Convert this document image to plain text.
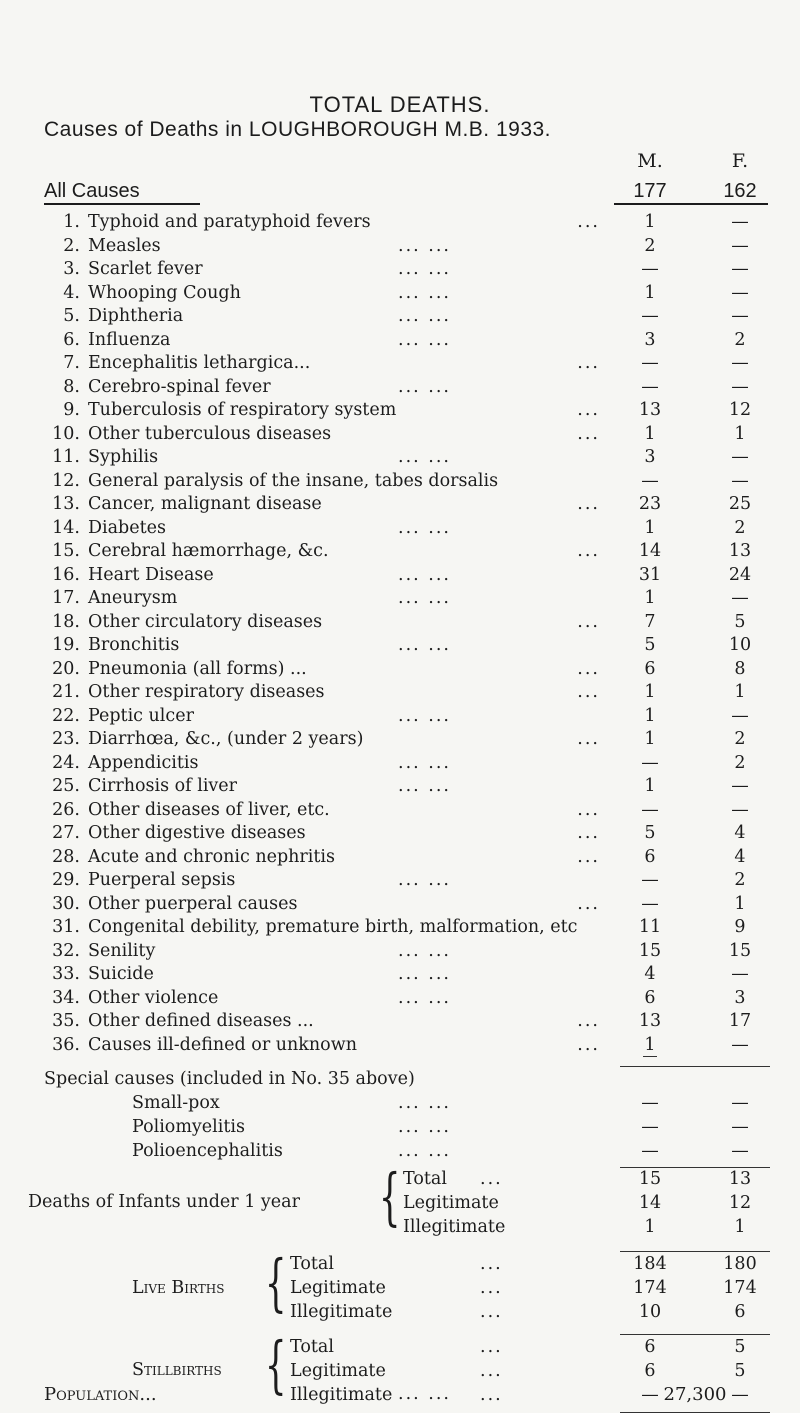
TOTAL DEATHS.
Causes of Deaths in LOUGHBOROUGH M.B. 1933.
M.	F.
All Causes	177	162
1. Typhoid and paratyphoid fevers	...	1	—
2. Measles	... ...	2	—
3. Scarlet fever	... ...	—	—
4. Whooping Cough	... ...	1	—
5. Diphtheria	... ...	—	—
6. Influenza	... ...	3	2
7. Encephalitis lethargica...	...	—	—
8. Cerebro-spinal fever	... ...	—	—
9. Tuberculosis of respiratory system	...	13	12
10. Other tuberculous diseases	...	1	1
11. Syphilis	... ...	3	—
12. General paralysis of the insane, tabes dorsalis	—	—
13. Cancer, malignant disease	...	23	25
14. Diabetes	... ...	1	2
15. Cerebral hæmorrhage, &c.	...	14	13
16. Heart Disease	... ...	31	24
17. Aneurysm	... ...	1	—
18. Other circulatory diseases	...	7	5
19. Bronchitis	... ...	5	10
20. Pneumonia (all forms) ...	...	6	8
21. Other respiratory diseases	...	1	1
22. Peptic ulcer	... ...	1	—
23. Diarrhœa, &c., (under 2 years)	...	1	2
24. Appendicitis	... ...	—	2
25. Cirrhosis of liver	... ...	1	—
26. Other diseases of liver, etc.	...	—	—
27. Other digestive diseases	...	5	4
28. Acute and chronic nephritis	...	6	4
29. Puerperal sepsis	... ...	—	2
30. Other puerperal causes	...	—	1
31. Congenital debility, premature birth, malformation, etc	11	9
32. Senility	... ...	15	15
33. Suicide	... ...	4	—
34. Other violence	... ...	6	3
35. Other defined diseases ...	...	13	17
36. Causes ill-defined or unknown	...	1	—
Special causes (included in No. 35 above)
Small-pox	... ...	—	—
Poliomyelitis	... ...	—	—
Polioencephalitis	... ...	—	—
Deaths of Infants under 1 year { Total ...	15	13
Legitimate	14	12
Illegitimate	1	1
Live Births { Total	...	184	180
Legitimate	...	174	174
Illegitimate	...	10	6
Stillbirths { Total	...	6	5
Legitimate	...	6	5
Illegitimate	...	—	—
Population...	... ...	27,300
